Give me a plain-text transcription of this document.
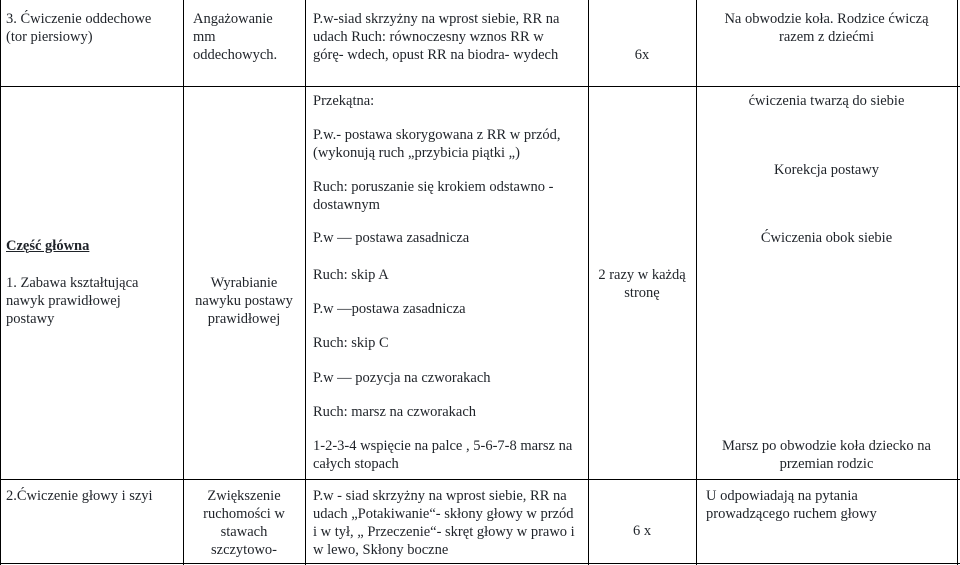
3. Ćwiczenie oddechowe
(tor piersiowy)
Angażowanie
mm
oddechowych.
P.w-siad skrzyżny na wprost siebie, RR na
udach Ruch: równoczesny wznos RR w
górę- wdech, opust RR na biodra- wydech	6x
Na obwodzie koła. Rodzice ćwiczą
razem z dziećmi
Część główna
1. Zabawa kształtująca
nawyk prawidłowej
postawy
Wyrabianie
nawyku postawy
prawidłowej
Przekątna:
P.w.- postawa skorygowana z RR w przód,
(wykonują ruch „przybicia piątki „)
Ruch: poruszanie się krokiem odstawno -
dostawnym
P.w — postawa zasadnicza
Ruch: skip A
P.w —postawa zasadnicza
Ruch: skip C
P.w — pozycja na czworakach
Ruch: marsz na czworakach
1-2-3-4 wspięcie na palce , 5-6-7-8 marsz na
całych stopach
2 razy w każdą
stronę
ćwiczenia twarzą do siebie
Korekcja postawy
Ćwiczenia obok siebie
Marsz po obwodzie koła dziecko na
przemian rodzic
2.Ćwiczenie głowy i szyi	Zwiększenie
ruchomości w
stawach
szczytowo-
P.w - siad skrzyżny na wprost siebie, RR na
udach „Potakiwanie“- skłony głowy w przód
i w tył, „ Przeczenie“- skręt głowy w prawo i
w lewo, Skłony boczne
6 x
U odpowiadają na pytania
prowadzącego ruchem głowy
